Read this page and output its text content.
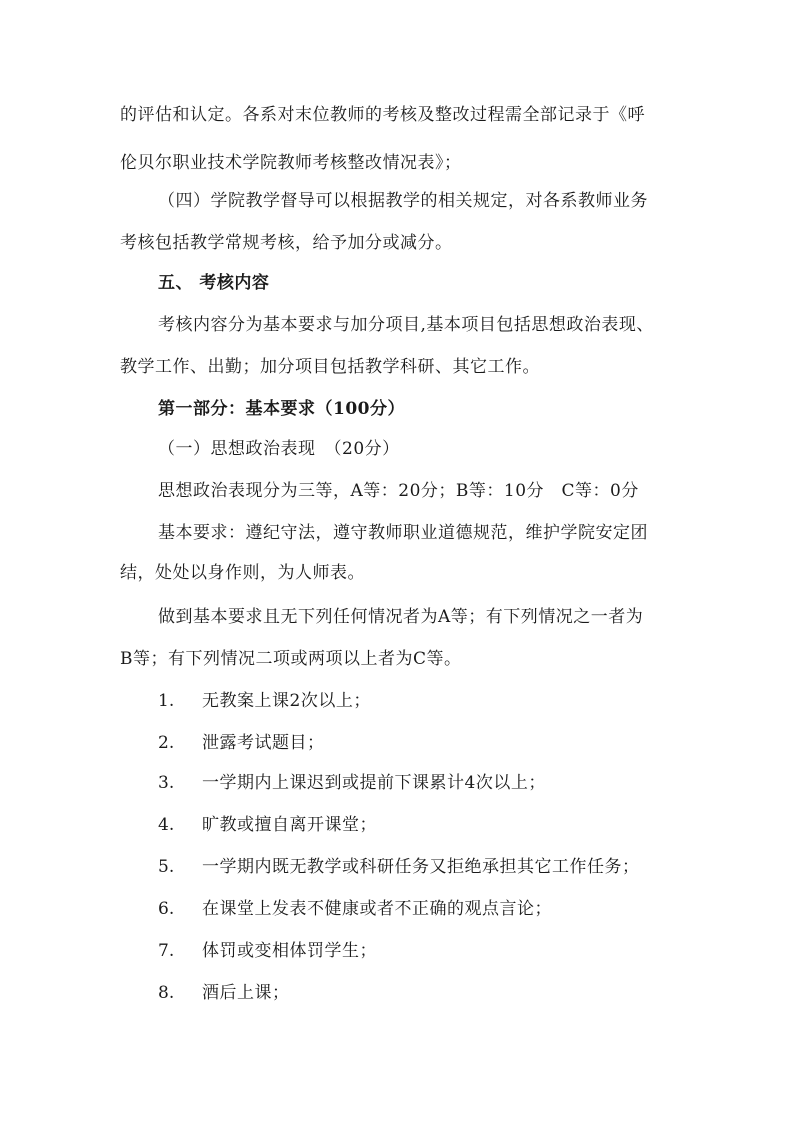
的评估和认定。各系对末位教师的考核及整改过程需全部记录于《呼
伦贝尔职业技术学院教师考核整改情况表》；
（四）学院教学督导可以根据教学的相关规定，对各系教师业务
考核包括教学常规考核，给予加分或减分。
五、 考核内容
考核内容分为基本要求与加分项目,基本项目包括思想政治表现、
教学工作、出勤；加分项目包括教学科研、其它工作。
第一部分：基本要求（100分）
（一）思想政治表现　（20分）
思想政治表现分为三等，A等：20分；B等：10分　C等：0分
基本要求：遵纪守法，遵守教师职业道德规范，维护学院安定团
结，处处以身作则，为人师表。
做到基本要求且无下列任何情况者为A等；有下列情况之一者为
B等；有下列情况二项或两项以上者为C等。
1. 无教案上课2次以上；
2. 泄露考试题目；
3. 一学期内上课迟到或提前下课累计4次以上；
4. 旷教或擅自离开课堂；
5. 一学期内既无教学或科研任务又拒绝承担其它工作任务；
6. 在课堂上发表不健康或者不正确的观点言论；
7. 体罚或变相体罚学生；
8. 酒后上课；
